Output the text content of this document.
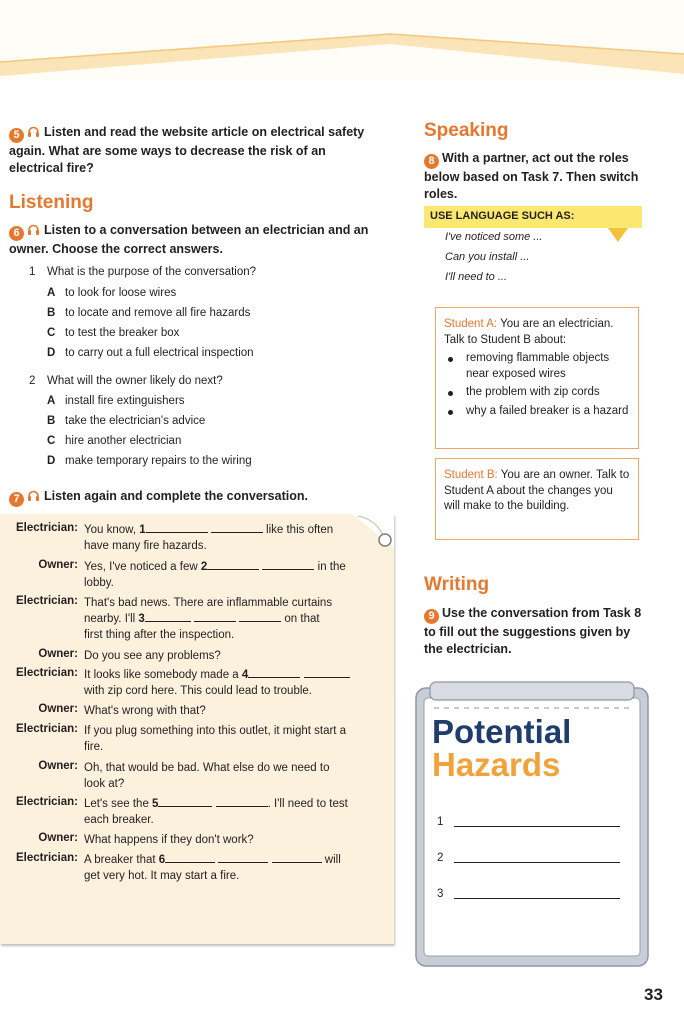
5 Listen and read the website article on electrical safety again. What are some ways to decrease the risk of an electrical fire?
Listening
6 Listen to a conversation between an electrician and an owner. Choose the correct answers.
1 What is the purpose of the conversation?
A to look for loose wires
B to locate and remove all fire hazards
C to test the breaker box
D to carry out a full electrical inspection
2 What will the owner likely do next?
A install fire extinguishers
B take the electrician's advice
C hire another electrician
D make temporary repairs to the wiring
7 Listen again and complete the conversation.
Electrician: You know, 1	like this often
have many fire hazards.
Owner: Yes, I've noticed a few 2	in the
lobby.
Electrician: That's bad news. There are inflammable curtains
nearby. I'll 3	on that
first thing after the inspection.
Owner: Do you see any problems?
Electrician: It looks like somebody made a 4
with zip cord here. This could lead to trouble.
Owner: What's wrong with that?
Electrician: If you plug something into this outlet, it might start a
fire.
Owner: Oh, that would be bad. What else do we need to
look at?
Electrician: Let's see the 5	. I'll need to test
each breaker.
Owner: What happens if they don't work?
Electrician: A breaker that 6	will
get very hot. It may start a fire.
Speaking
8 With a partner, act out the roles below based on Task 7. Then switch roles.
USE LANGUAGE SUCH AS:
I've noticed some ...
Can you install ...
I'll need to ...
Student A: You are an electrician. Talk to Student B about:
removing flammable objects near exposed wires
the problem with zip cords
why a failed breaker is a hazard
Student B: You are an owner. Talk to Student A about the changes you will make to the building.
Writing
9 Use the conversation from Task 8 to fill out the suggestions given by the electrician.
Potential
Hazards
1
2
3
33
